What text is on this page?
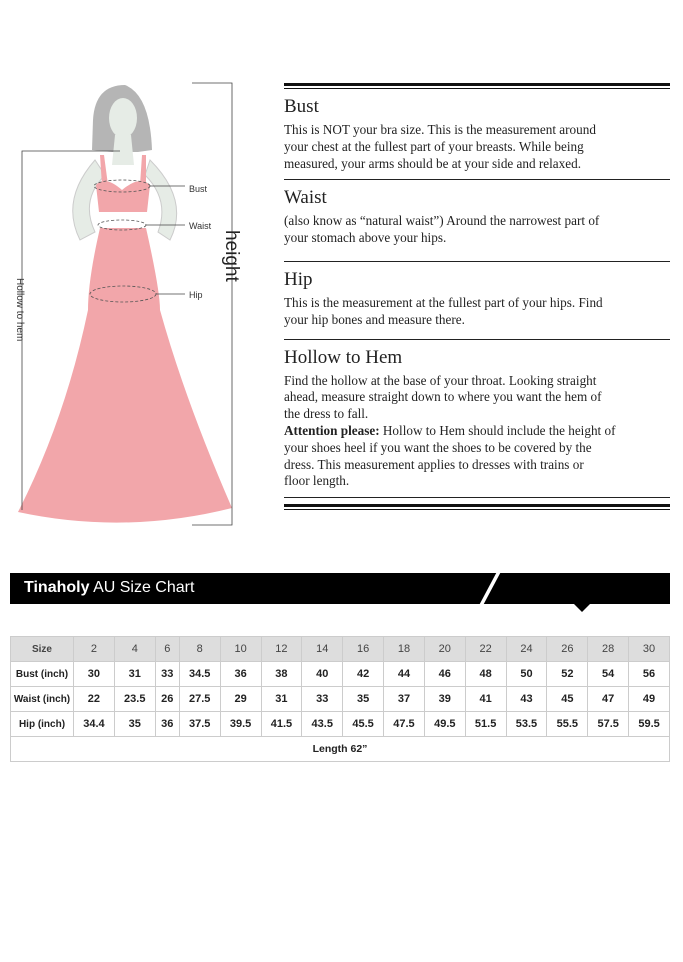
Bust
Waist
Hip
height
Hollow to hem
Bust
This is NOT your bra size. This is the measurement around
your chest at the fullest part of your breasts. While being
measured, your arms should be at your side and relaxed.
Waist
(also know as “natural waist”) Around the narrowest part of
your stomach above your hips.
Hip
This is the measurement at the fullest part of your hips. Find
your hip bones and measure there.
Hollow to Hem
Find the hollow at the base of your throat. Looking straight
ahead, measure straight down to where you want the hem of
the dress to fall.
Attention please: Hollow to Hem should include the height of
your shoes heel if you want the shoes to be covered by the
dress. This measurement applies to dresses with trains or
floor length.
Tinaholy AU Size Chart
Size	2	4	6	8	10	12	14	16	18	20	22	24	26	28	30
Bust (inch)	30	31	33	34.5	36	38	40	42	44	46	48	50	52	54	56
Waist (inch)	22	23.5	26	27.5	29	31	33	35	37	39	41	43	45	47	49
Hip (inch)	34.4	35	36	37.5	39.5	41.5	43.5	45.5	47.5	49.5	51.5	53.5	55.5	57.5	59.5
Length 62”															
